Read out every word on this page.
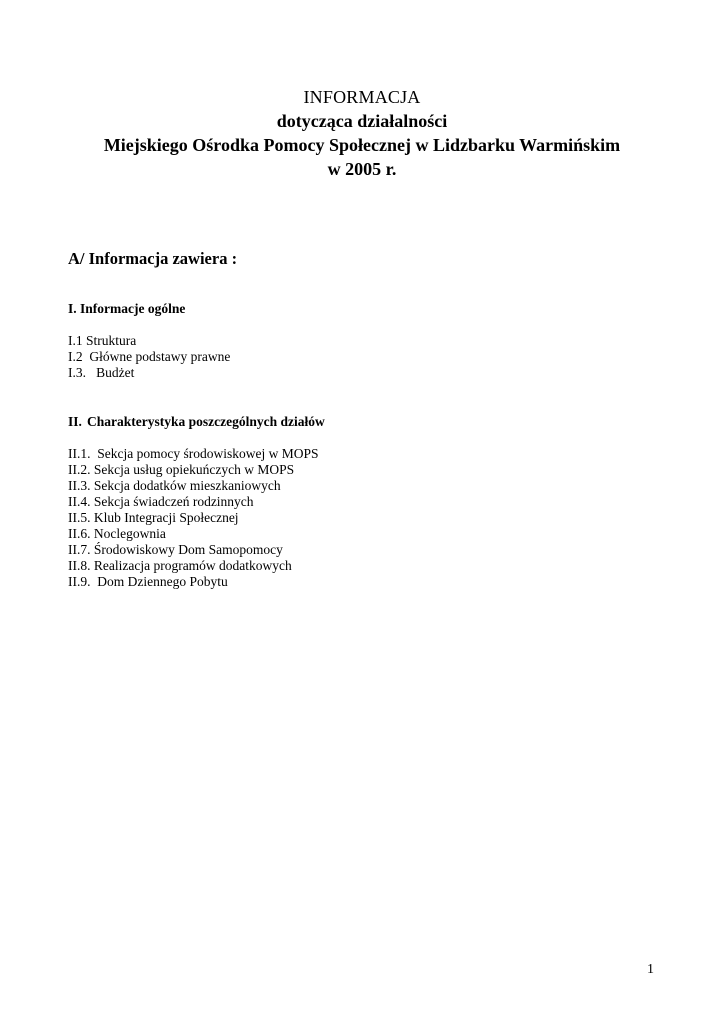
INFORMACJA
dotycząca działalności
Miejskiego Ośrodka Pomocy Społecznej w Lidzbarku Warmińskim
w 2005 r.
A/ Informacja zawiera :
I. Informacje ogólne
I.1 Struktura
I.2  Główne podstawy prawne
I.3.   Budżet
II. Charakterystyka poszczególnych działów
II.1.  Sekcja pomocy środowiskowej w MOPS
II.2. Sekcja usług opiekuńczych w MOPS
II.3. Sekcja dodatków mieszkaniowych
II.4. Sekcja świadczeń rodzinnych
II.5. Klub Integracji Społecznej
II.6. Noclegownia
II.7. Środowiskowy Dom Samopomocy
II.8. Realizacja programów dodatkowych
II.9.  Dom Dziennego Pobytu
1
